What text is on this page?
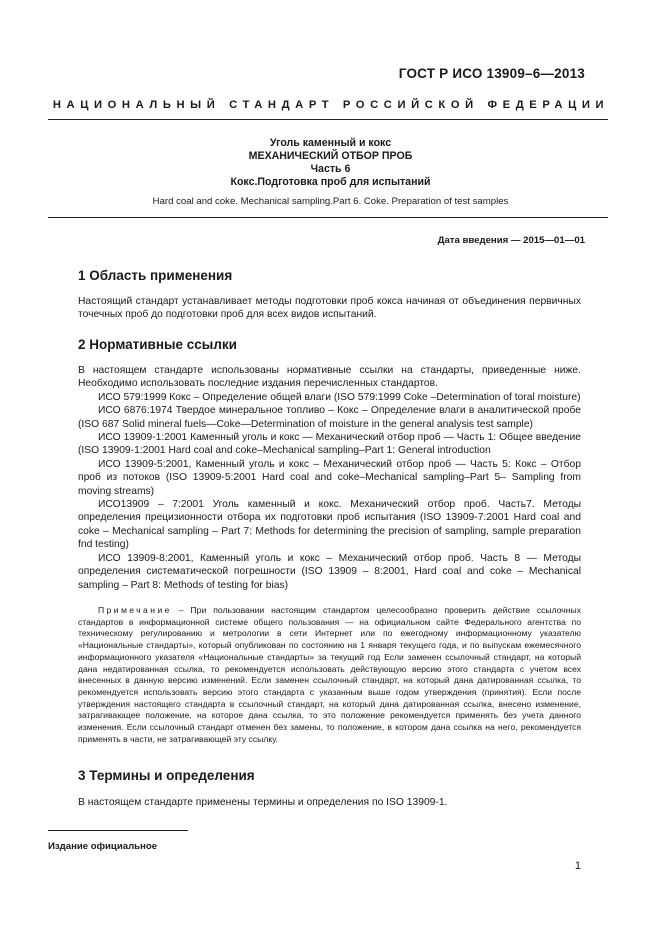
ГОСТ Р ИСО 13909–6—2013
НАЦИОНАЛЬНЫЙ СТАНДАРТ РОССИЙСКОЙ ФЕДЕРАЦИИ
Уголь каменный и кокс
МЕХАНИЧЕСКИЙ ОТБОР ПРОБ
Часть 6
Кокс.Подготовка проб для испытаний
Hard coal and coke. Mechanical sampling.Part 6. Coke. Preparation of test samples
Дата введения — 2015—01—01
1 Область применения

Настоящий стандарт устанавливает методы подготовки проб кокса начиная от объединения первичных точечных проб до подготовки проб для всех видов испытаний.

2 Нормативные ссылки

В настоящем стандарте использованы нормативные ссылки на стандарты, приведенные ниже. Необходимо использовать последние издания перечисленных стандартов.

ИСО 579:1999 Кокс – Определение общей влаги (ISO 579:1999 Coke –Determination of toral moisture)

ИСО 6876:1974 Твердое минеральное топливо – Кокс – Определение влаги в аналитической пробе (ISO 687 Solid mineral fuels—Coke—Determination of moisture in the general analysis test sample)

ИСО 13909-1:2001 Каменный уголь и кокс — Механический отбор проб — Часть 1: Общее введение (ISO 13909-1:2001 Hard coal and coke–Mechanical sampling–Part 1: General introduction

ИСО 13909-5:2001, Каменный уголь и кокс – Механический отбор проб — Часть 5: Кокс – Отбор проб из потоков (ISO 13909-5:2001 Hard coal and coke–Mechanical sampling–Part 5– Sampling from moving streams)

ИСО13909 – 7:2001 Уголь каменный и кокс. Механический отбор проб. Часть7. Методы определения прецизионности отбора их подготовки проб испытания (ISO 13909-7:2001 Hard coal and coke – Mechanical sampling – Part 7: Methods for determining the precision of sampling, sample preparation fnd testing)

ИСО 13909-8:2001, Каменный уголь и кокс – Механический отбор проб. Часть 8 — Методы определения систематической погрешности (ISO 13909 – 8:2001, Hard coal and coke – Mechanical sampling – Part 8: Methods of testing for bias)

Примечание – При пользовании настоящим стандартом целесообразно проверить действие ссылочных стандартов в информационной системе общего пользования — на официальном сайте Федерального агентства по техническому регулированию и метрологии в сети Интернет или по ежегодному информационному указателю «Национальные стандарты», который опубликован по состоянию на 1 января текущего года, и по выпускам ежемесячного информационного указателя «Национальные стандарты» за текущий год Если заменен ссылочный стандарт, на который дана недатированная ссылка, то рекомендуется использовать действующую версию этого стандарта с учетом всех внесенных в данную версию изменений. Если заменен ссылочный стандарт, на который дана датированная ссылка, то рекомендуется использовать версию этого стандарта с указанным выше годом утверждения (принятия). Если после утверждения настоящего стандарта в ссылочный стандарт, на который дана датированная ссылка, внесено изменение, затрагивающее положение, на которое дана ссылка, то это положение рекомендуется применять без учета данного изменения. Если ссылочный стандарт отменен без замены, то положение, в котором дана ссылка на него, рекомендуется применять в части, не затрагивающей эту ссылку.

3 Термины и определения

В настоящем стандарте применены термины и определения по ISO 13909-1.

Издание официальное
1
